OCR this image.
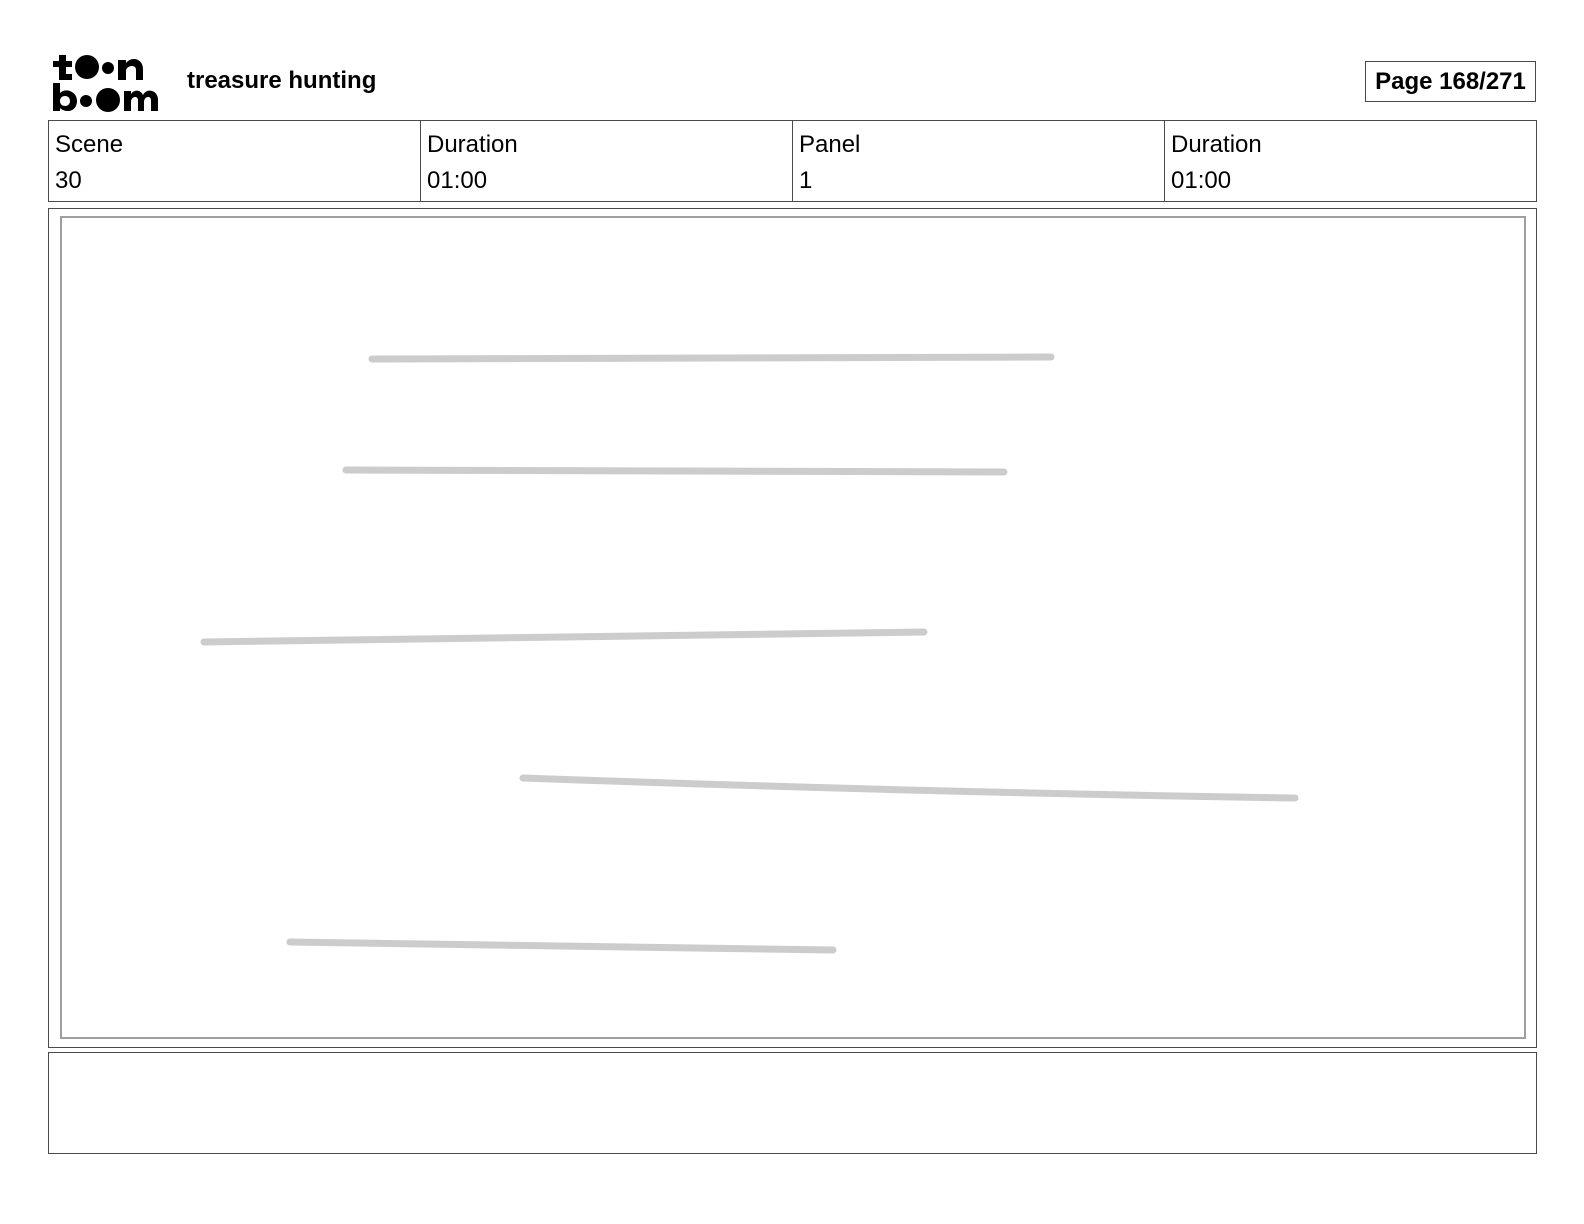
treasure hunting	Page 168/271
Scene
30
Duration
01:00
Panel
1
Duration
01:00
